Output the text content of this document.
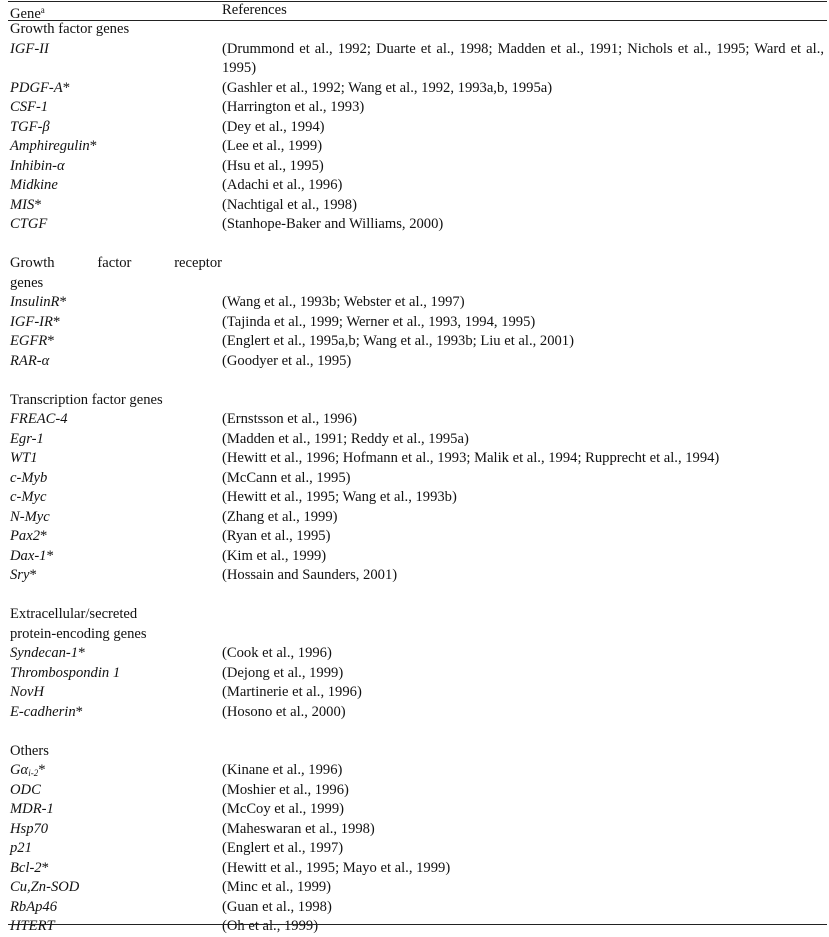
Gene$^a$	References
Growth factor genes
IGF-II	(Drummond et al., 1992; Duarte et al., 1998; Madden et al., 1991; Nichols et al., 1995; Ward et al., 1995)
PDGF-A*	(Gashler et al., 1992; Wang et al., 1992, 1993a,b, 1995a)
CSF-1	(Harrington et al., 1993)
TGF-β	(Dey et al., 1994)
Amphiregulin*	(Lee et al., 1999)
Inhibin-α	(Hsu et al., 1995)
Midkine	(Adachi et al., 1996)
MIS*	(Nachtigal et al., 1998)
CTGF	(Stanhope-Baker and Williams, 2000)
Growth factor receptor
genes
InsulinR*	(Wang et al., 1993b; Webster et al., 1997)
IGF-IR*	(Tajinda et al., 1999; Werner et al., 1993, 1994, 1995)
EGFR*	(Englert et al., 1995a,b; Wang et al., 1993b; Liu et al., 2001)
RAR-α	(Goodyer et al., 1995)
Transcription factor genes
FREAC-4	(Ernstsson et al., 1996)
Egr-1	(Madden et al., 1991; Reddy et al., 1995a)
WT1	(Hewitt et al., 1996; Hofmann et al., 1993; Malik et al., 1994; Rupprecht et al., 1994)
c-Myb	(McCann et al., 1995)
c-Myc	(Hewitt et al., 1995; Wang et al., 1993b)
N-Myc	(Zhang et al., 1999)
Pax2*	(Ryan et al., 1995)
Dax-1*	(Kim et al., 1999)
Sry*	(Hossain and Saunders, 2001)
Extracellular/secreted
protein-encoding genes
Syndecan-1*	(Cook et al., 1996)
Thrombospondin 1	(Dejong et al., 1999)
NovH	(Martinerie et al., 1996)
E-cadherin*	(Hosono et al., 2000)
Others
$G\alpha_{i-2}*$	(Kinane et al., 1996)
ODC	(Moshier et al., 1996)
MDR-1	(McCoy et al., 1999)
Hsp70	(Maheswaran et al., 1998)
p21	(Englert et al., 1997)
Bcl-2*	(Hewitt et al., 1995; Mayo et al., 1999)
Cu,Zn-SOD	(Minc et al., 1999)
RbAp46	(Guan et al., 1998)
HTERT	(Oh et al., 1999)
